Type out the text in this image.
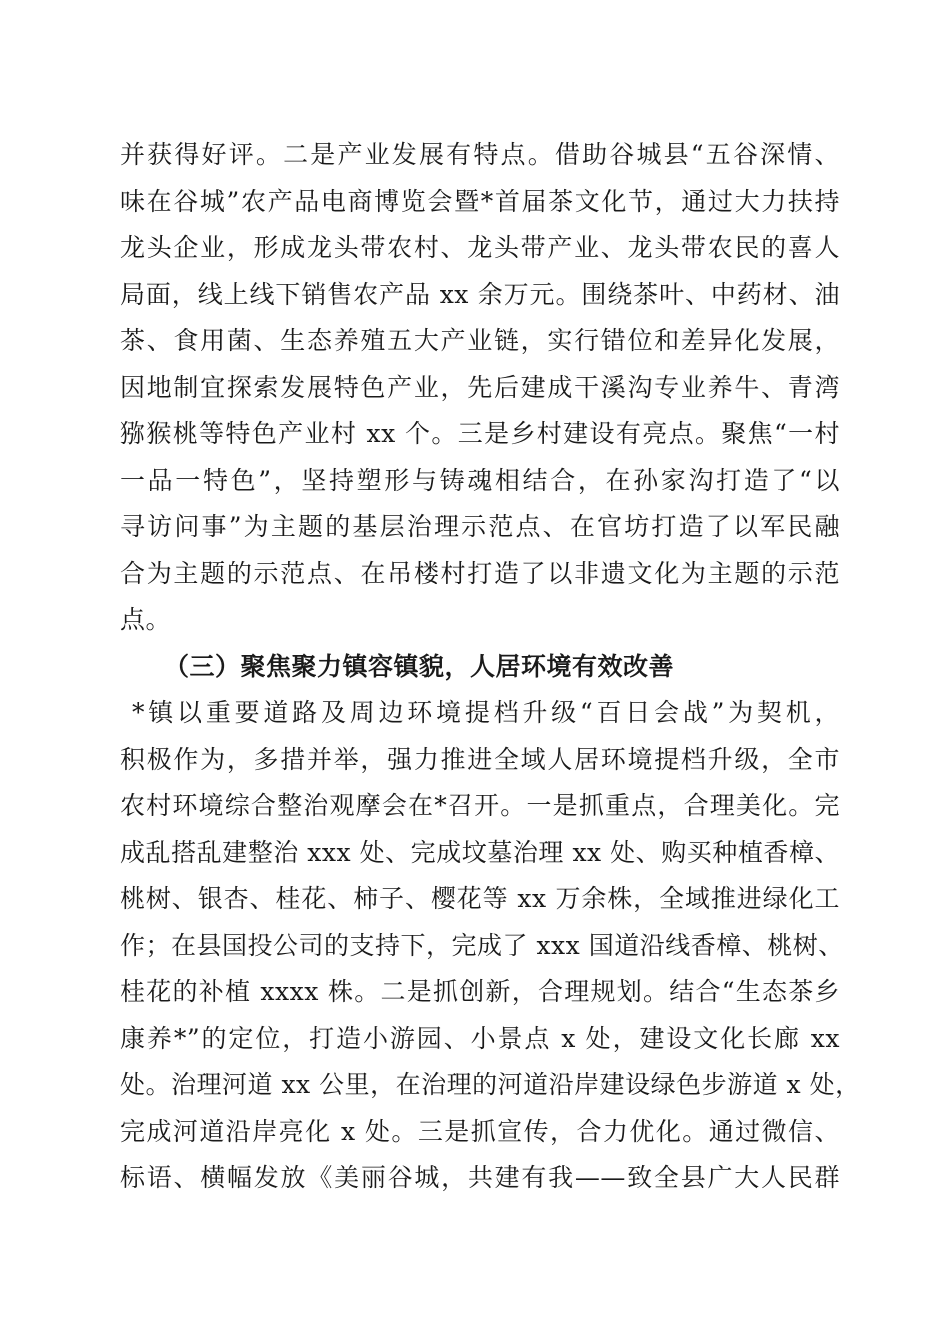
并获得好评。二是产业发展有特点。借助谷城县“五谷深情、
味在谷城”农产品电商博览会暨*首届茶文化节，通过大力扶持
龙头企业，形成龙头带农村、龙头带产业、龙头带农民的喜人
局面，线上线下销售农产品 xx 余万元。围绕茶叶、中药材、油
茶、食用菌、生态养殖五大产业链，实行错位和差异化发展，
因地制宜探索发展特色产业，先后建成干溪沟专业养牛、青湾
猕猴桃等特色产业村 xx 个。三是乡村建设有亮点。聚焦“一村
一品一特色”，坚持塑形与铸魂相结合，在孙家沟打造了“以
寻访问事”为主题的基层治理示范点、在官坊打造了以军民融
合为主题的示范点、在吊楼村打造了以非遗文化为主题的示范
点。
（三）聚焦聚力镇容镇貌，人居环境有效改善
*镇以重要道路及周边环境提档升级“百日会战”为契机，
积极作为，多措并举，强力推进全域人居环境提档升级，全市
农村环境综合整治观摩会在*召开。一是抓重点，合理美化。完
成乱搭乱建整治 xxx 处、完成坟墓治理 xx 处、购买种植香樟、
桃树、银杏、桂花、柿子、樱花等 xx 万余株，全域推进绿化工
作；在县国投公司的支持下，完成了 xxx 国道沿线香樟、桃树、
桂花的补植 xxxx 株。二是抓创新，合理规划。结合“生态茶乡
康养*”的定位，打造小游园、小景点 x 处，建设文化长廊 xx
处。治理河道 xx 公里，在治理的河道沿岸建设绿色步游道 x 处，
完成河道沿岸亮化 x 处。三是抓宣传，合力优化。通过微信、
标语、横幅发放《美丽谷城，共建有我——致全县广大人民群
